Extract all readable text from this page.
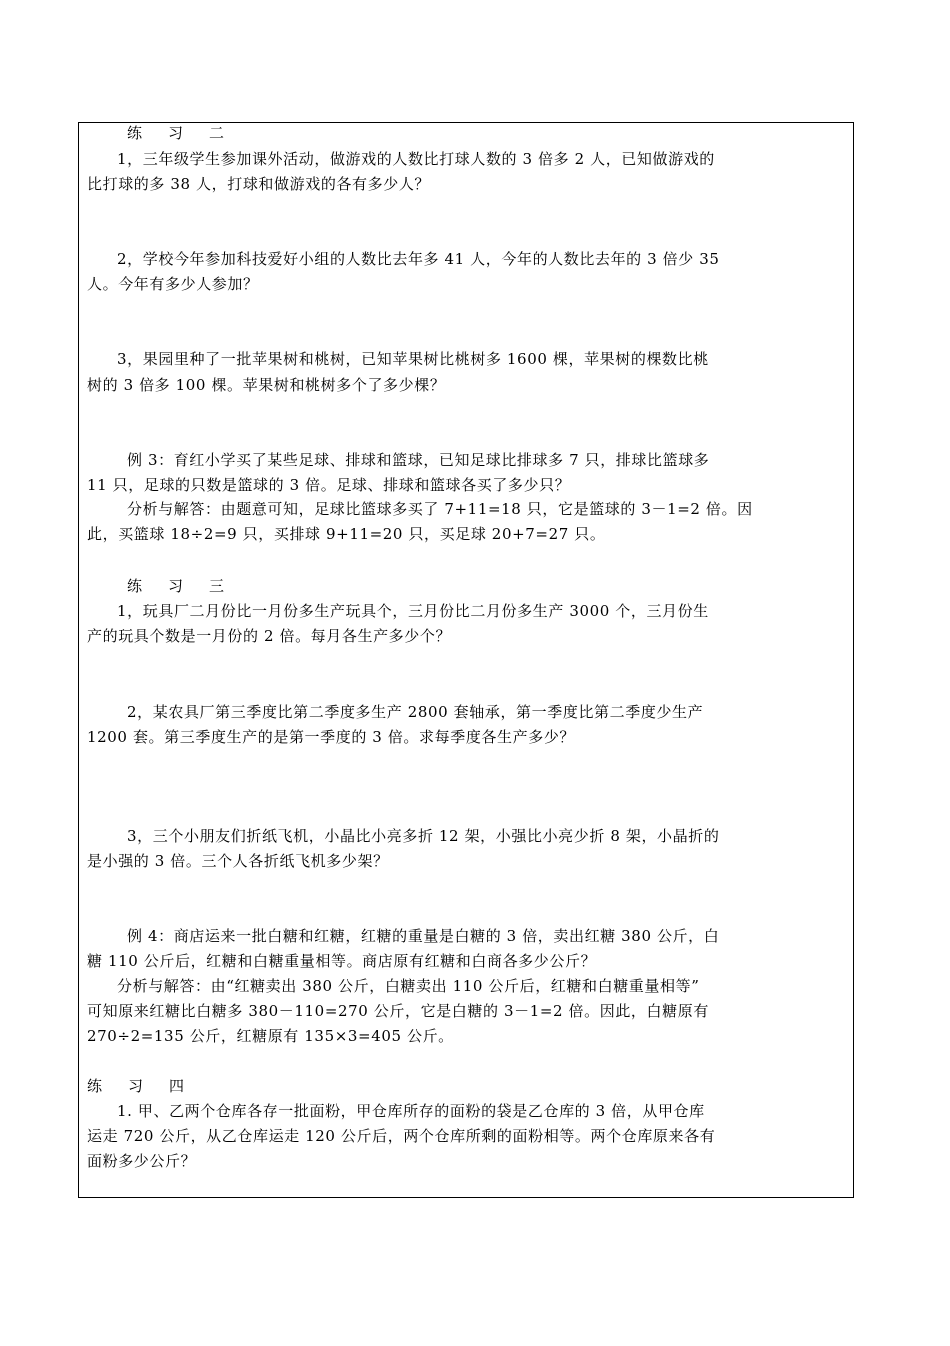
练 习 二
1，三年级学生参加课外活动，做游戏的人数比打球人数的 3 倍多 2 人，已知做游戏的
比打球的多 38 人，打球和做游戏的各有多少人？
2，学校今年参加科技爱好小组的人数比去年多 41 人，今年的人数比去年的 3 倍少 35
人。今年有多少人参加？
3，果园里种了一批苹果树和桃树，已知苹果树比桃树多 1600 棵，苹果树的棵数比桃
树的 3 倍多 100 棵。苹果树和桃树多个了多少棵？
例 3：育红小学买了某些足球、排球和篮球，已知足球比排球多 7 只，排球比篮球多
11 只，足球的只数是篮球的 3 倍。足球、排球和篮球各买了多少只？
分析与解答：由题意可知，足球比篮球多买了 7+11=18 只，它是篮球的 3－1=2 倍。因
此，买篮球 18÷2=9 只，买排球 9+11=20 只，买足球 20+7=27 只。
练 习 三
1，玩具厂二月份比一月份多生产玩具个，三月份比二月份多生产 3000 个，三月份生
产的玩具个数是一月份的 2 倍。每月各生产多少个？
2，某农具厂第三季度比第二季度多生产 2800 套轴承，第一季度比第二季度少生产
1200 套。第三季度生产的是第一季度的 3 倍。求每季度各生产多少？
3，三个小朋友们折纸飞机，小晶比小亮多折 12 架，小强比小亮少折 8 架，小晶折的
是小强的 3 倍。三个人各折纸飞机多少架？
例 4：商店运来一批白糖和红糖，红糖的重量是白糖的 3 倍，卖出红糖 380 公斤，白
糖 110 公斤后，红糖和白糖重量相等。商店原有红糖和白商各多少公斤？
分析与解答：由“红糖卖出 380 公斤，白糖卖出 110 公斤后，红糖和白糖重量相等”
可知原来红糖比白糖多 380－110=270 公斤，它是白糖的 3－1=2 倍。因此，白糖原有
270÷2=135 公斤，红糖原有 135×3=405 公斤。
练 习 四
1. 甲、乙两个仓库各存一批面粉，甲仓库所存的面粉的袋是乙仓库的 3 倍，从甲仓库
运走 720 公斤，从乙仓库运走 120 公斤后，两个仓库所剩的面粉相等。两个仓库原来各有
面粉多少公斤？
